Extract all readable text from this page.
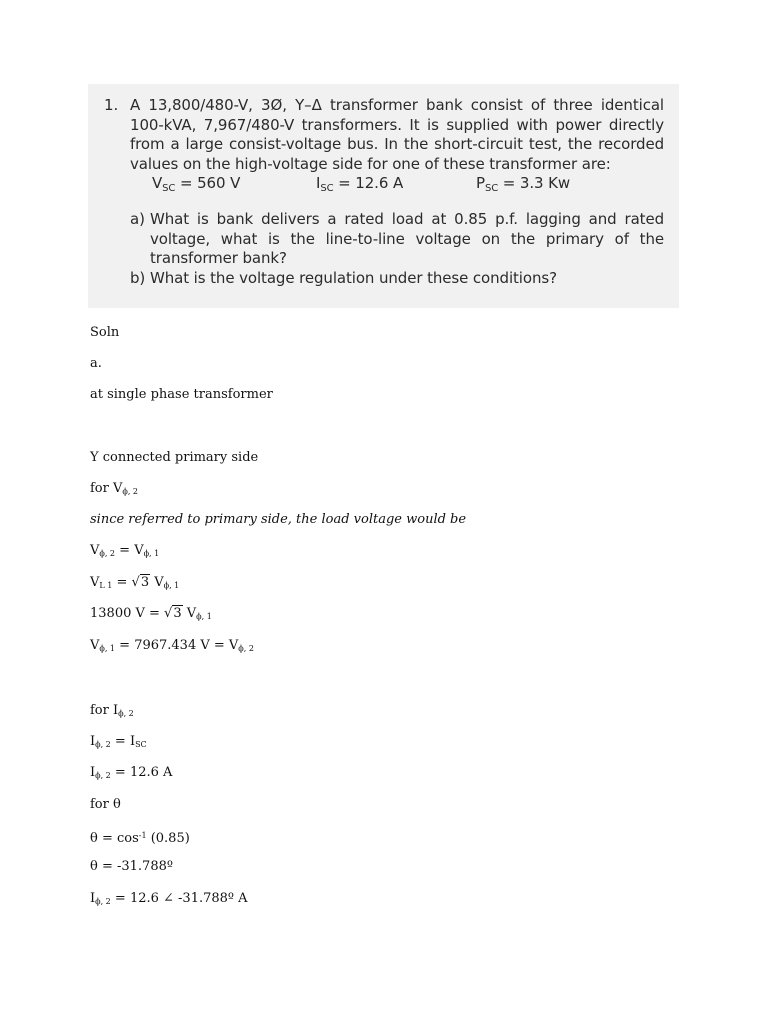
1. A 13,800/480-V, 3Ø, Y–Δ transformer bank consist of three identical
100-kVA, 7,967/480-V transformers. It is supplied with power directly
from a large consist-voltage bus. In the short-circuit test, the recorded
values on the high-voltage side for one of these transformer are:
$V_{SC} = 560$ V	$I_{SC} = 12.6$ A	$P_{SC} = 3.3$ Kw
a) What is bank delivers a rated load at 0.85 p.f. lagging and rated
voltage, what is the line-to-line voltage on the primary of the
transformer bank?
b) What is the voltage regulation under these conditions?
Soln
a.
at single phase transformer
Y connected primary side
for $V_{\phi, 2}$
since referred to primary side, the load voltage would be
$V_{\phi, 2} = V_{\phi, 1}$
$V_{L 1} = √3$ $V_{\phi, 1}$
13800 V = √3 $V_{\phi, 1}$
$V_{\phi, 1} = 7967.434$ $V = V_{\phi, 2}$
for $I_{\phi, 2}$
$I_{\phi, 2} = I_{SC}$
$I_{\phi, 2} = 12.6$ A
for θ
$\theta = \cos^{-1} (0.85)$
θ = -31.788º
$I_{\phi, 2} = 12.6$ ∠ -31.788º A
